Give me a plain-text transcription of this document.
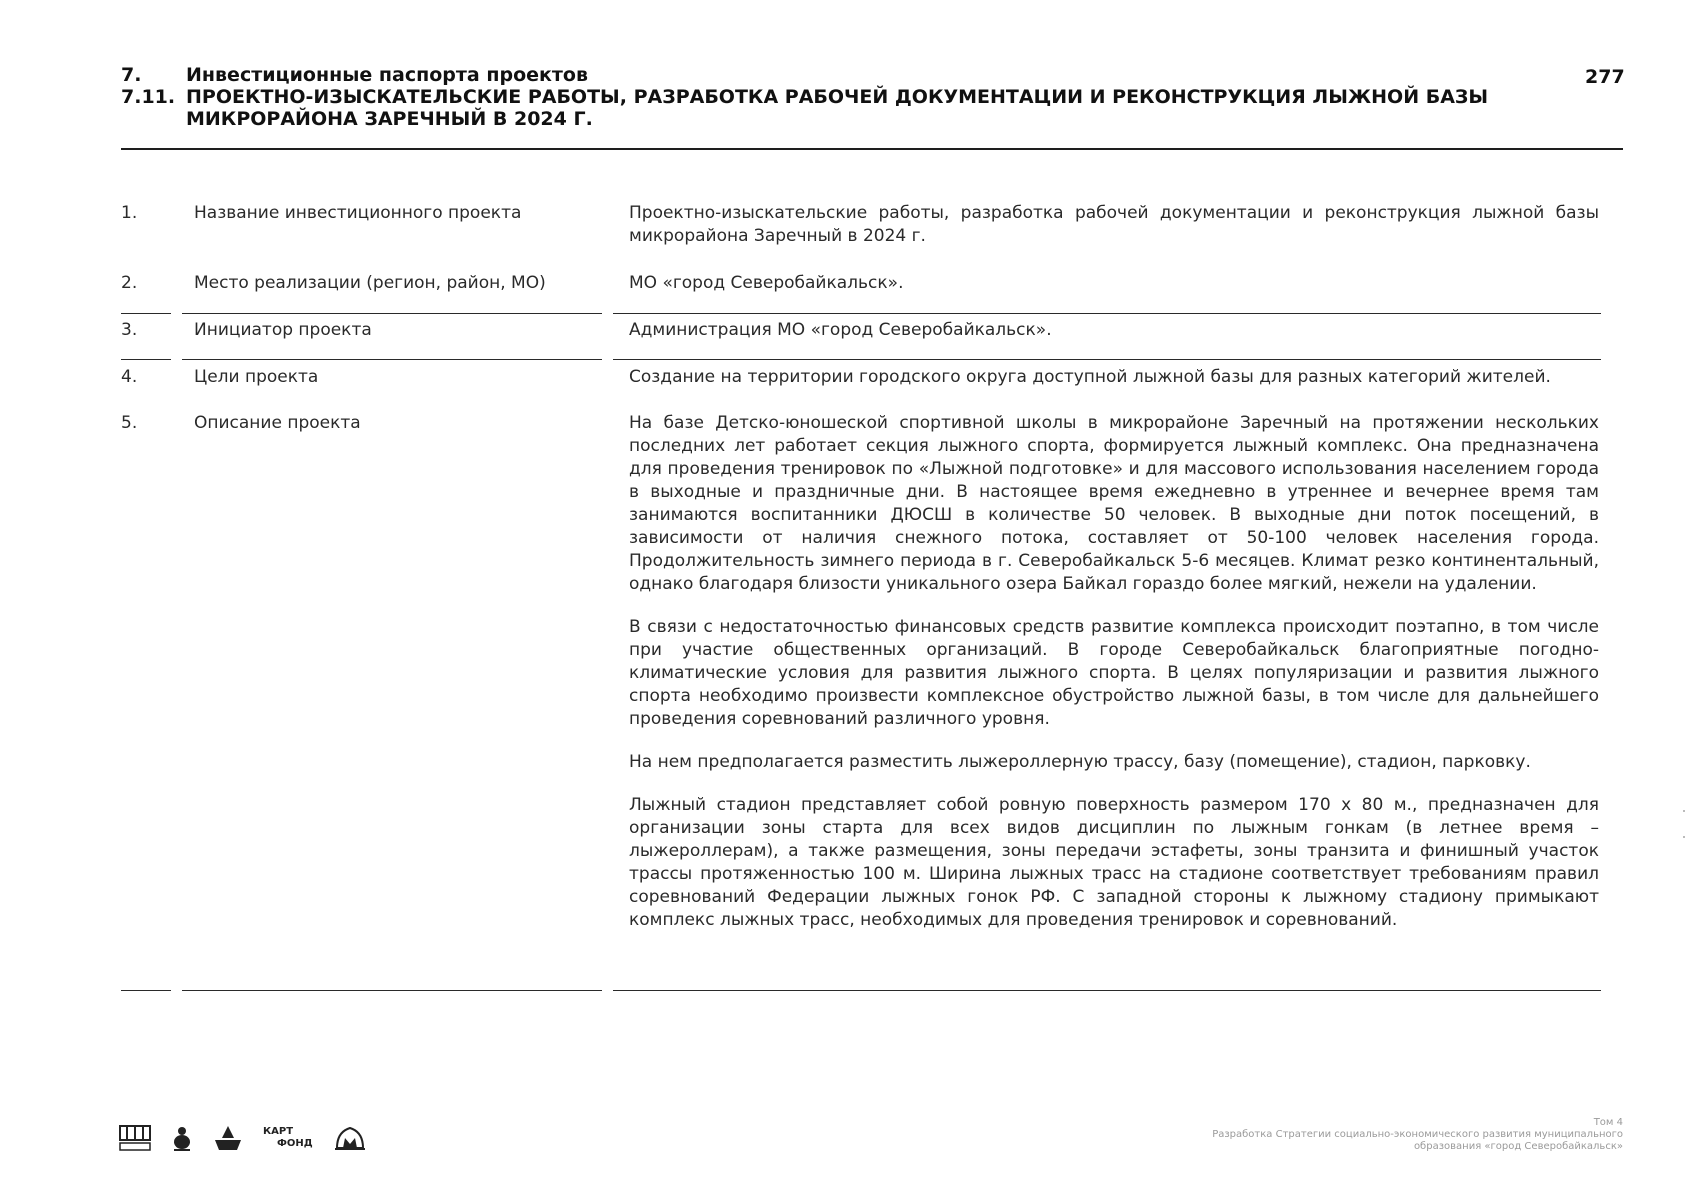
7.	Инвестиционные паспорта проектов
7.11. ПРОЕКТНО-ИЗЫСКАТЕЛЬСКИЕ РАБОТЫ, РАЗРАБОТКА РАБОЧЕЙ ДОКУМЕНТАЦИИ И РЕКОНСТРУКЦИЯ ЛЫЖНОЙ БАЗЫ МИКРОРАЙОНА ЗАРЕЧНЫЙ В 2024 Г.
277
1.	Название инвестиционного проекта	Проектно-изыскательские работы, разработка рабочей документации и реконструкция лыжной базы микрорайона Заречный в 2024 г.
2.	Место реализации (регион, район, МО)	МО «город Северобайкальск».
3.	Инициатор проекта	Администрация МО «город Северобайкальск».
4.	Цели проекта	Создание на территории городского округа доступной лыжной базы для разных категорий жителей.
5.	Описание проекта	На базе Детско-юношеской спортивной школы в микрорайоне Заречный на протяжении нескольких последних лет работает секция лыжного спорта, формируется лыжный комплекс. Она предназначена для проведения тренировок по «Лыжной подготовке» и для массового использования населением города в выходные и праздничные дни. В настоящее время ежедневно в утреннее и вечернее время там занимаются воспитанники ДЮСШ в количестве 50 человек. В выходные дни поток посещений, в зависимости от наличия снежного потока, составляет от 50-100 человек населения города. Продолжительность зимнего периода в г. Северобайкальск 5-6 месяцев. Климат резко континентальный, однако благодаря близости уникального озера Байкал гораздо более мягкий, нежели на удалении.

В связи с недостаточностью финансовых средств развитие комплекса происходит поэтапно, в том числе при участие общественных организаций. В городе Северобайкальск благоприятные погодно-климатические условия для развития лыжного спорта. В целях популяризации и развития лыжного спорта необходимо произвести комплексное обустройство лыжной базы, в том числе для дальнейшего проведения соревнований различного уровня.

На нем предполагается разместить лыжероллерную трассу, базу (помещение), стадион, парковку.

Лыжный стадион представляет собой ровную поверхность размером 170 х 80 м., предназначен для организации зоны старта для всех видов дисциплин по лыжным гонкам (в летнее время – лыжероллерам), а также размещения, зоны передачи эстафеты, зоны транзита и финишный участок трассы протяженностью 100 м. Ширина лыжных трасс на стадионе соответствует требованиям правил соревнований Федерации лыжных гонок РФ. С западной стороны к лыжному стадиону примыкают комплекс лыжных трасс, необходимых для проведения тренировок и соревнований.

КАРТ
ФОНД
Том 4
Разработка Стратегии социально-экономического развития муниципального
образования «город Северобайкальск»
